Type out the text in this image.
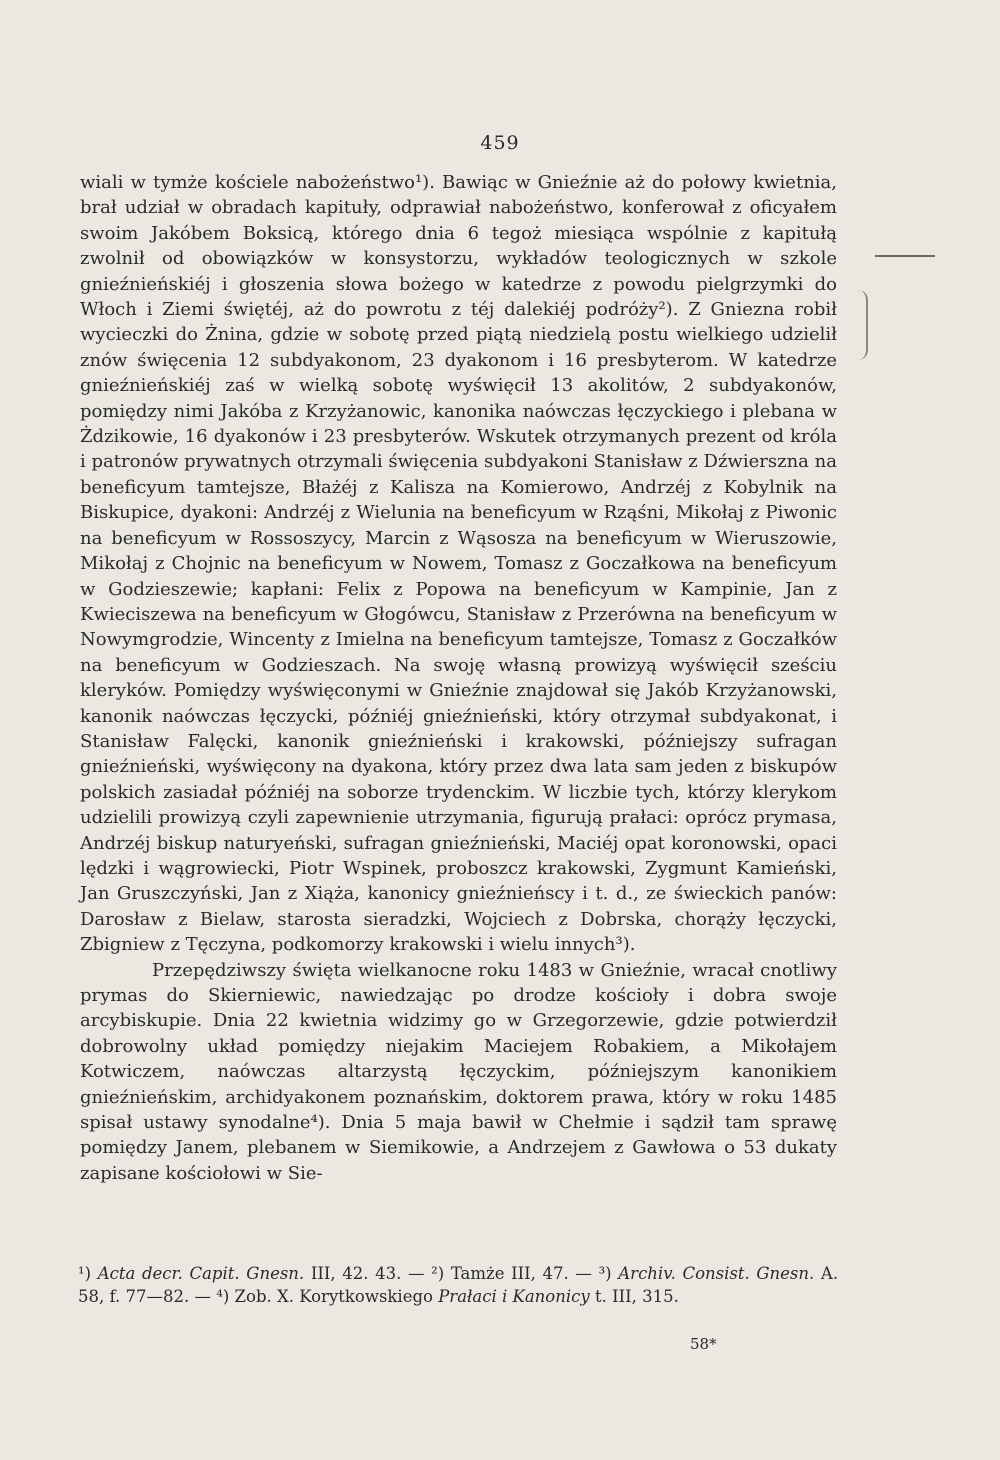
459

wiali w tymże kościele nabożeństwo¹). Bawiąc w Gnieźnie aż do połowy kwietnia, brał udział w obradach kapituły, odprawiał nabożeństwo, konferował z oficyałem swoim Jakóbem Boksicą, którego dnia 6 tegoż miesiąca wspólnie z kapitułą zwolnił od obowiązków w konsystorzu, wykładów teologicznych w szkole gnieźnieńskiéj i głoszenia słowa bożego w katedrze z powodu pielgrzymki do Włoch i Ziemi świętéj, aż do powrotu z téj dalekiéj podróży²). Z Gniezna robił wycieczki do Żnina, gdzie w sobotę przed piątą niedzielą postu wielkiego udzielił znów święcenia 12 subdyakonom, 23 dyakonom i 16 presbyterom. W katedrze gnieźnieńskiéj zaś w wielką sobotę wyświęcił 13 akolitów, 2 subdyakonów, pomiędzy nimi Jakóba z Krzyżanowic, kanonika naówczas łęczyckiego i plebana w Żdzikowie, 16 dyakonów i 23 presbyterów. Wskutek otrzymanych prezent od króla i patronów prywatnych otrzymali święcenia subdyakoni Stanisław z Dźwierszna na beneficyum tamtejsze, Błażéj z Kalisza na Komierowo, Andrzéj z Kobylnik na Biskupice, dyakoni: Andrzéj z Wielunia na beneficyum w Rząśni, Mikołaj z Piwonic na beneficyum w Rossoszycy, Marcin z Wąsosza na beneficyum w Wieruszowie, Mikołaj z Chojnic na beneficyum w Nowem, Tomasz z Goczałkowa na beneficyum w Godzieszewie; kapłani: Felix z Popowa na beneficyum w Kampinie, Jan z Kwieciszewa na beneficyum w Głogówcu, Stanisław z Przerówna na beneficyum w Nowymgrodzie, Wincenty z Imielna na beneficyum tamtejsze, Tomasz z Goczałków na beneficyum w Godzieszach. Na swoję własną prowizyą wyświęcił sześciu kleryków. Pomiędzy wyświęconymi w Gnieźnie znajdował się Jakób Krzyżanowski, kanonik naówczas łęczycki, późniéj gnieźnieński, który otrzymał subdyakonat, i Stanisław Falęcki, kanonik gnieźnieński i krakowski, późniejszy sufragan gnieźnieński, wyświęcony na dyakona, który przez dwa lata sam jeden z biskupów polskich zasiadał późniéj na soborze trydenckim. W liczbie tych, którzy klerykom udzielili prowizyą czyli zapewnienie utrzymania, figurują prałaci: oprócz prymasa, Andrzéj biskup naturyeński, sufragan gnieźnieński, Maciéj opat koronowski, opaci lędzki i wągrowiecki, Piotr Wspinek, proboszcz krakowski, Zygmunt Kamieński, Jan Gruszczyński, Jan z Xiąża, kanonicy gnieźnieńscy i t. d., ze świeckich panów: Darosław z Bielaw, starosta sieradzki, Wojciech z Dobrska, chorąży łęczycki, Zbigniew z Tęczyna, podkomorzy krakowski i wielu innych³).

Przepędziwszy święta wielkanocne roku 1483 w Gnieźnie, wracał cnotliwy prymas do Skierniewic, nawiedzając po drodze kościoły i dobra swoje arcybiskupie. Dnia 22 kwietnia widzimy go w Grzegorzewie, gdzie potwierdził dobrowolny układ pomiędzy niejakim Maciejem Robakiem, a Mikołajem Kotwiczem, naówczas altarzystą łęczyckim, późniejszym kanonikiem gnieźnieńskim, archidyakonem poznańskim, doktorem prawa, który w roku 1485 spisał ustawy synodalne⁴). Dnia 5 maja bawił w Chełmie i sądził tam sprawę pomiędzy Janem, plebanem w Siemikowie, a Andrzejem z Gawłowa o 53 dukaty zapisane kościołowi w Sie-

¹) Acta decr. Capit. Gnesn. III, 42. 43. — ²) Tamże III, 47. — ³) Archiv. Consist. Gnesn. A. 58, f. 77—82. — ⁴) Zob. X. Korytkowskiego Prałaci i Kanonicy t. III, 315.
58*
